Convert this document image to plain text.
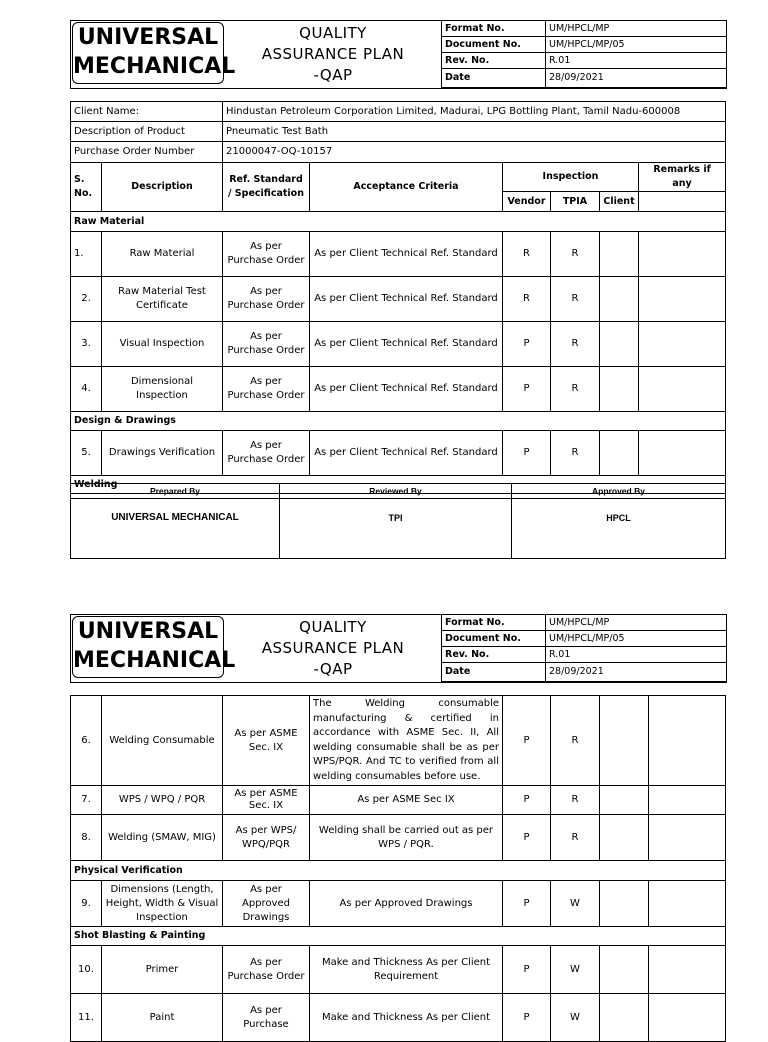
UNIVERSAL
MECHANICAL
QUALITY
ASSURANCE PLAN
-QAP
Format No.	UM/HPCL/MP
Document No.	UM/HPCL/MP/05
Rev. No.	R.01
Date	28/09/2021
Client Name:		Hindustan Petroleum Corporation Limited, Madurai, LPG Bottling Plant, Tamil Nadu-600008					
Description of Product		Pneumatic Test Bath					
Purchase Order Number		21000047-OQ-10157					
S. No.	Description	Ref. Standard / Specification	Acceptance Criteria	Inspection			Remarks if any
				Vendor	TPIA	Client	
Raw Material							
1.	Raw Material	As per Purchase Order	As per Client Technical Ref. Standard	R	R		
2.	Raw Material Test Certificate	As per Purchase Order	As per Client Technical Ref. Standard	R	R		
3.	Visual Inspection	As per Purchase Order	As per Client Technical Ref. Standard	P	R		
4.	Dimensional Inspection	As per Purchase Order	As per Client Technical Ref. Standard	P	R		
Design & Drawings							
5.	Drawings Verification	As per Purchase Order	As per Client Technical Ref. Standard	P	R		
Welding							
Prepared By	Reviewed By	Approved By
UNIVERSAL MECHANICAL	TPI	HPCL
UNIVERSAL
MECHANICAL
QUALITY
ASSURANCE PLAN
-QAP
Format No.	UM/HPCL/MP
Document No.	UM/HPCL/MP/05
Rev. No.	R.01
Date	28/09/2021
6.	Welding Consumable	As per ASME Sec. IX	The Welding consumable manufacturing & certified in accordance with ASME Sec. II, All welding consumable shall be as per WPS/PQR. And TC to verified from all welding consumables before use.	P	R		
7.	WPS / WPQ / PQR	As per ASME Sec. IX	As per ASME Sec IX	P	R		
8.	Welding (SMAW, MIG)	As per WPS/ WPQ/PQR	Welding shall be carried out as per WPS / PQR.	P	R		
Physical Verification							
9.	Dimensions (Length, Height, Width & Visual Inspection	As per Approved Drawings	As per Approved Drawings	P	W		
Shot Blasting & Painting							
10.	Primer	As per Purchase Order	Make and Thickness As per Client Requirement	P	W		
11.	Paint	As per Purchase	Make and Thickness As per Client	P	W		
